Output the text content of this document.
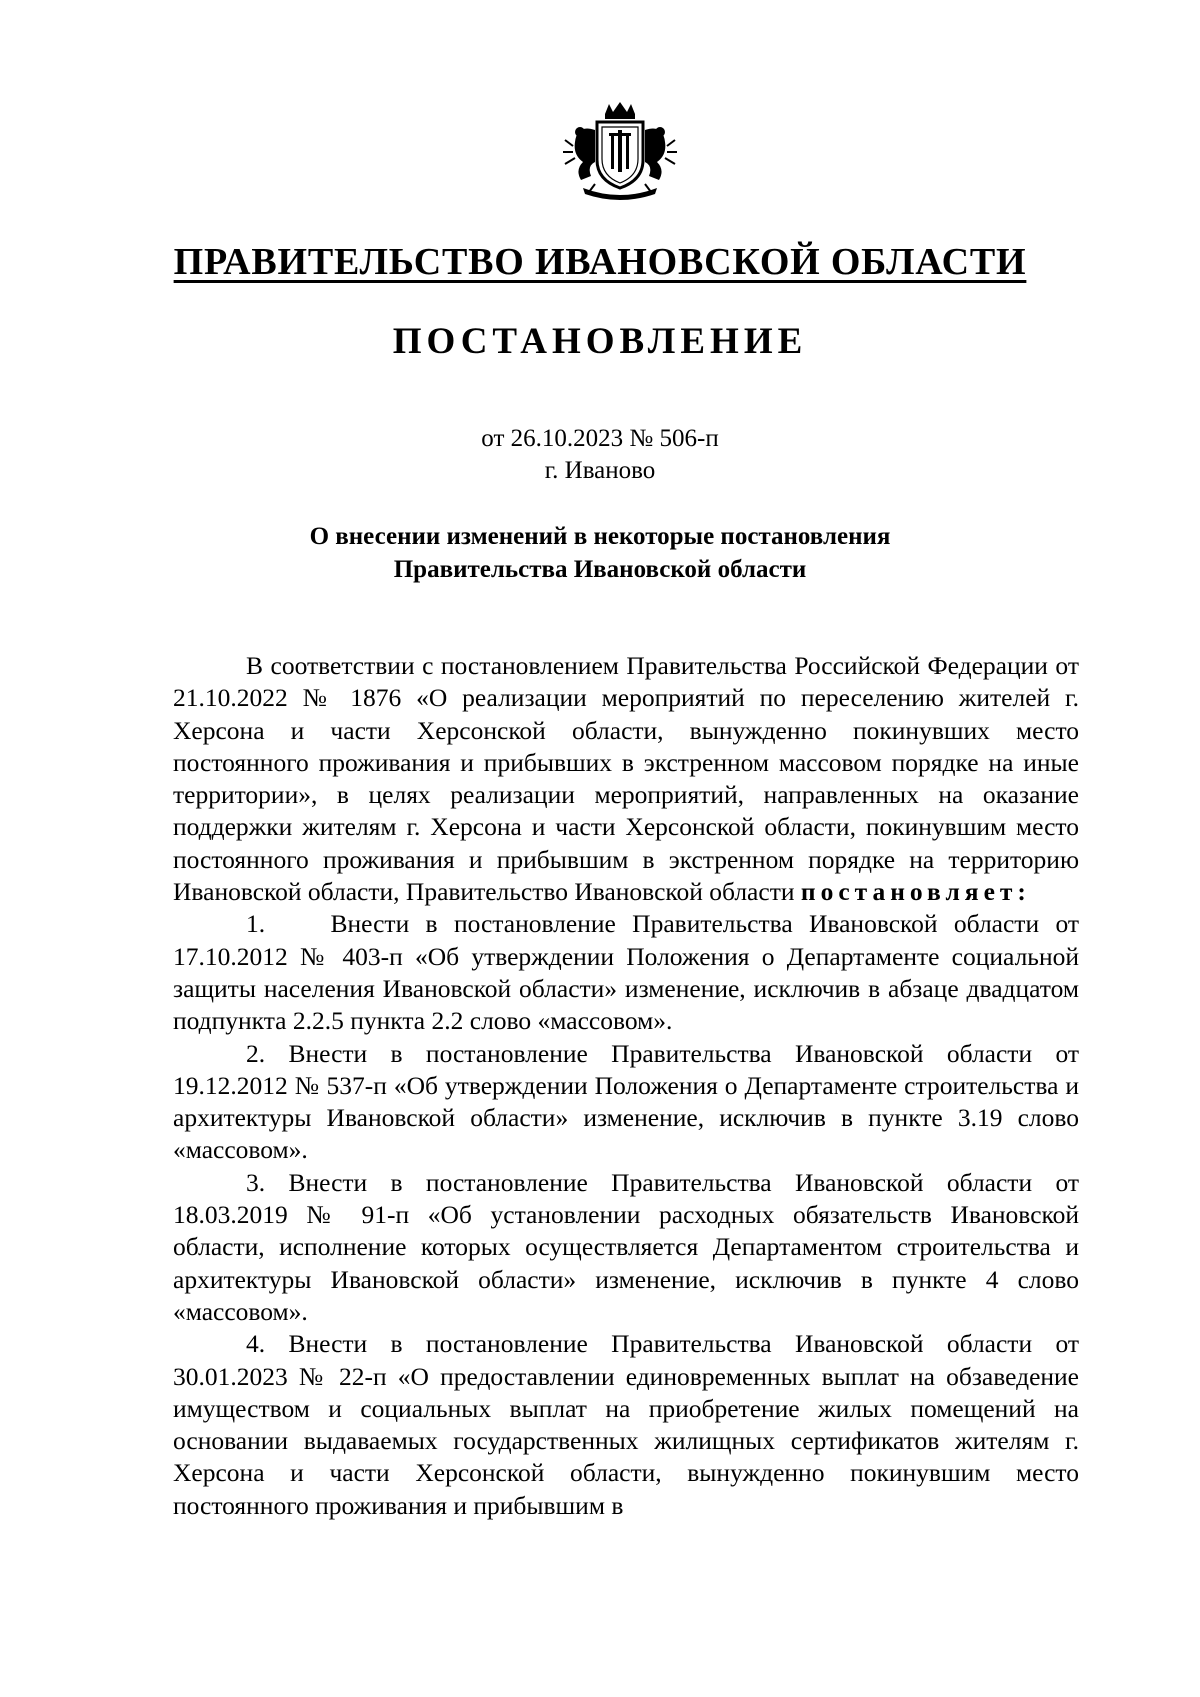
ПРАВИТЕЛЬСТВО ИВАНОВСКОЙ ОБЛАСТИ
ПОСТАНОВЛЕНИЕ
от 26.10.2023 № 506-п
г. Иваново
О внесении изменений в некоторые постановления
Правительства Ивановской области

В соответствии с постановлением Правительства Российской Федерации от 21.10.2022 № 1876 «О реализации мероприятий по переселению жителей г. Херсона и части Херсонской области, вынужденно покинувших место постоянного проживания и прибывших в экстренном массовом порядке на иные территории», в целях реализации мероприятий, направленных на оказание поддержки жителям г. Херсона и части Херсонской области, покинувшим место постоянного проживания и прибывшим в экстренном порядке на территорию Ивановской области, Правительство Ивановской области постановляет:

1.    Внести в постановление Правительства Ивановской области от 17.10.2012 № 403-п «Об утверждении Положения о Департаменте социальной защиты населения Ивановской области» изменение, исключив в абзаце двадцатом подпункта 2.2.5 пункта 2.2 слово «массовом».

2. Внести в постановление Правительства Ивановской области от 19.12.2012 № 537-п «Об утверждении Положения о Департаменте строительства и архитектуры Ивановской области» изменение, исключив в пункте 3.19 слово «массовом».

3. Внести в постановление Правительства Ивановской области от 18.03.2019 № 91-п «Об установлении расходных обязательств Ивановской области, исполнение которых осуществляется Департаментом строительства и архитектуры Ивановской области» изменение, исключив в пункте 4 слово «массовом».

4. Внести в постановление Правительства Ивановской области от 30.01.2023 № 22-п «О предоставлении единовременных выплат на обзаведение имуществом и социальных выплат на приобретение жилых помещений на основании выдаваемых государственных жилищных сертификатов жителям г. Херсона и части Херсонской области, вынужденно покинувшим место постоянного проживания и прибывшим в
